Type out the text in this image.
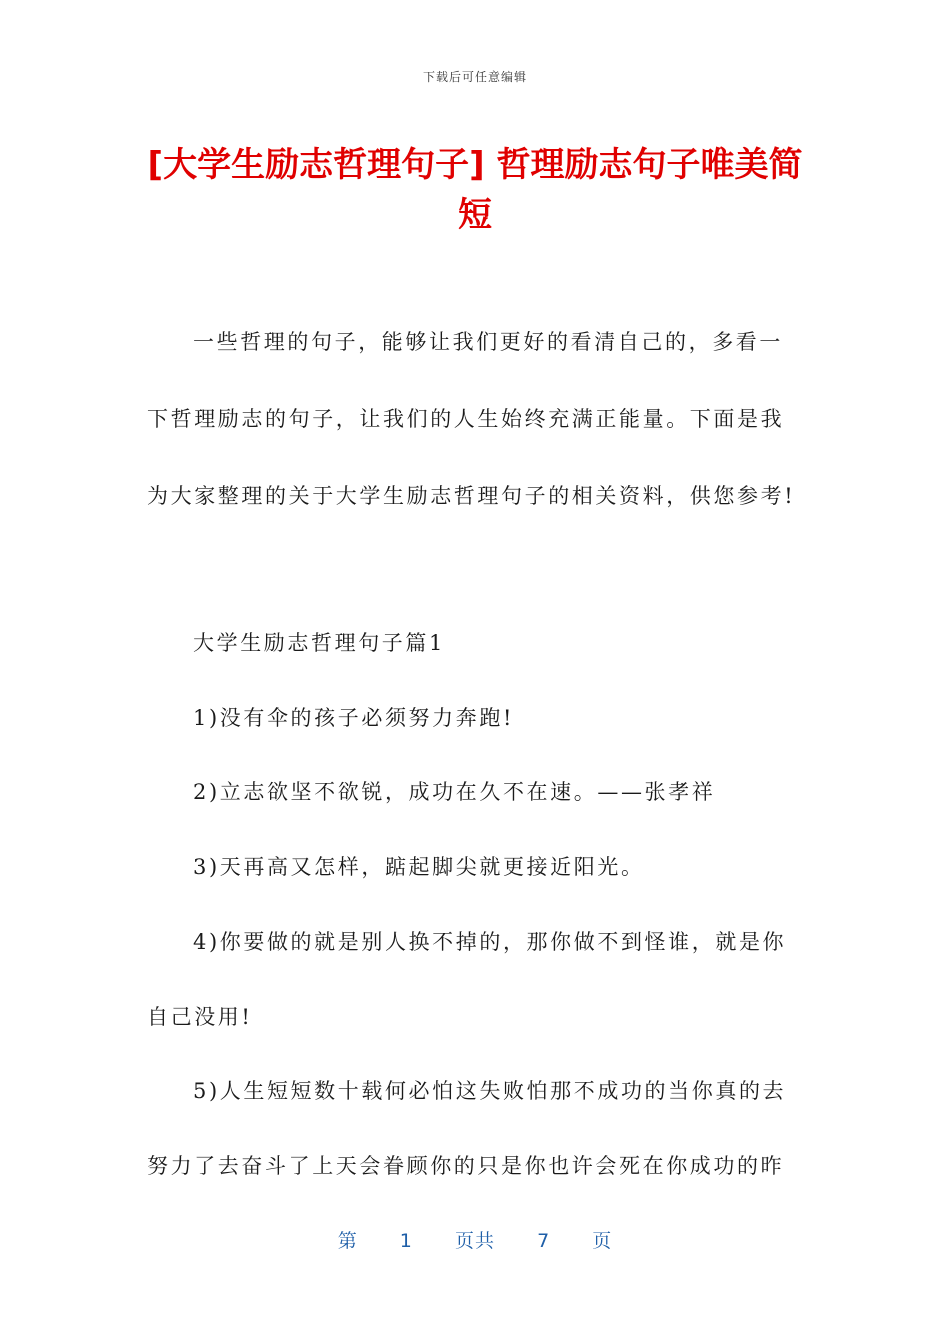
下载后可任意编辑
[大学生励志哲理句子] 哲理励志句子唯美简
短

一些哲理的句子，能够让我们更好的看清自己的，多看一

下哲理励志的句子，让我们的人生始终充满正能量。下面是我

为大家整理的关于大学生励志哲理句子的相关资料，供您参考!

大学生励志哲理句子篇1

1)没有伞的孩子必须努力奔跑!

2)立志欲坚不欲锐，成功在久不在速。——张孝祥

3)天再高又怎样，踮起脚尖就更接近阳光。

4)你要做的就是别人换不掉的，那你做不到怪谁，就是你

自己没用!

5)人生短短数十载何必怕这失败怕那不成功的当你真的去

努力了去奋斗了上天会眷顾你的只是你也许会死在你成功的昨

第 1 页共 7 页
